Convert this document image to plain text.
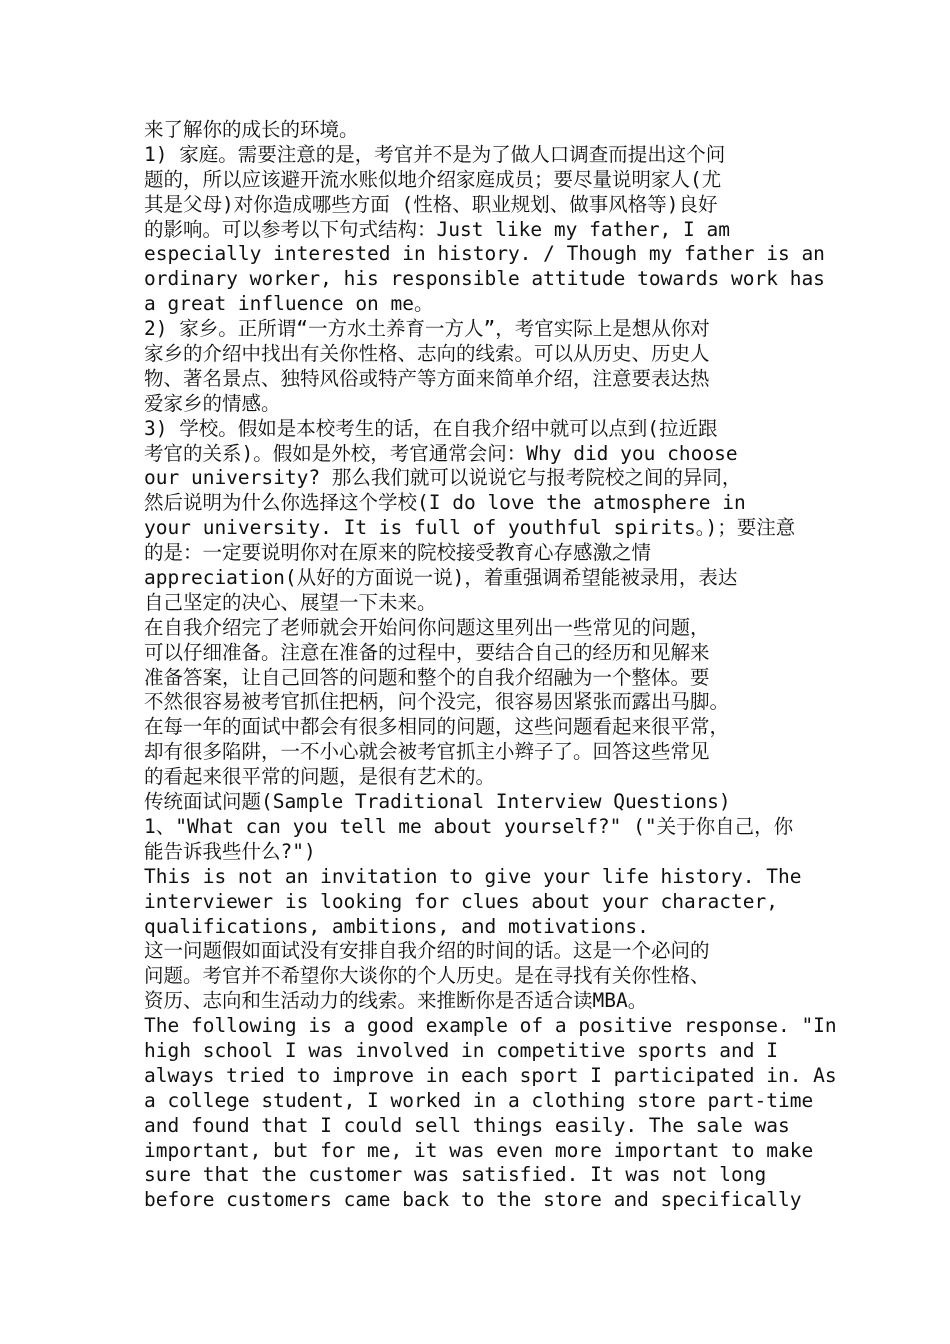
来了解你的成长的环境。
1) 家庭。需要注意的是，考官并不是为了做人口调查而提出这个问
题的，所以应该避开流水账似地介绍家庭成员；要尽量说明家人(尤
其是父母)对你造成哪些方面 (性格、职业规划、做事风格等)良好
的影响。可以参考以下句式结构：Just like my father, I am
especially interested in history. / Though my father is an
ordinary worker, his responsible attitude towards work has
a great influence on me。
2) 家乡。正所谓“一方水土养育一方人”，考官实际上是想从你对
家乡的介绍中找出有关你性格、志向的线索。可以从历史、历史人
物、著名景点、独特风俗或特产等方面来简单介绍，注意要表达热
爱家乡的情感。
3) 学校。假如是本校考生的话，在自我介绍中就可以点到(拉近跟
考官的关系)。假如是外校，考官通常会问：Why did you choose
our university? 那么我们就可以说说它与报考院校之间的异同，
然后说明为什么你选择这个学校(I do love the atmosphere in
your university. It is full of youthful spirits。)；要注意
的是：一定要说明你对在原来的院校接受教育心存感激之情
appreciation(从好的方面说一说)，着重强调希望能被录用，表达
自己坚定的决心、展望一下未来。
在自我介绍完了老师就会开始问你问题这里列出一些常见的问题，
可以仔细准备。注意在准备的过程中，要结合自己的经历和见解来
准备答案，让自己回答的问题和整个的自我介绍融为一个整体。要
不然很容易被考官抓住把柄，问个没完，很容易因紧张而露出马脚。
在每一年的面试中都会有很多相同的问题，这些问题看起来很平常，
却有很多陷阱，一不小心就会被考官抓主小辫子了。回答这些常见
的看起来很平常的问题，是很有艺术的。
传统面试问题(Sample Traditional Interview Questions)
1、"What can you tell me about yourself?" ("关于你自己，你
能告诉我些什么?")
This is not an invitation to give your life history. The
interviewer is looking for clues about your character,
qualifications, ambitions, and motivations.
这一问题假如面试没有安排自我介绍的时间的话。这是一个必问的
问题。考官并不希望你大谈你的个人历史。是在寻找有关你性格、
资历、志向和生活动力的线索。来推断你是否适合读MBA。
The following is a good example of a positive response. "In
high school I was involved in competitive sports and I
always tried to improve in each sport I participated in. As
a college student, I worked in a clothing store part-time
and found that I could sell things easily. The sale was
important, but for me, it was even more important to make
sure that the customer was satisfied. It was not long
before customers came back to the store and specifically
